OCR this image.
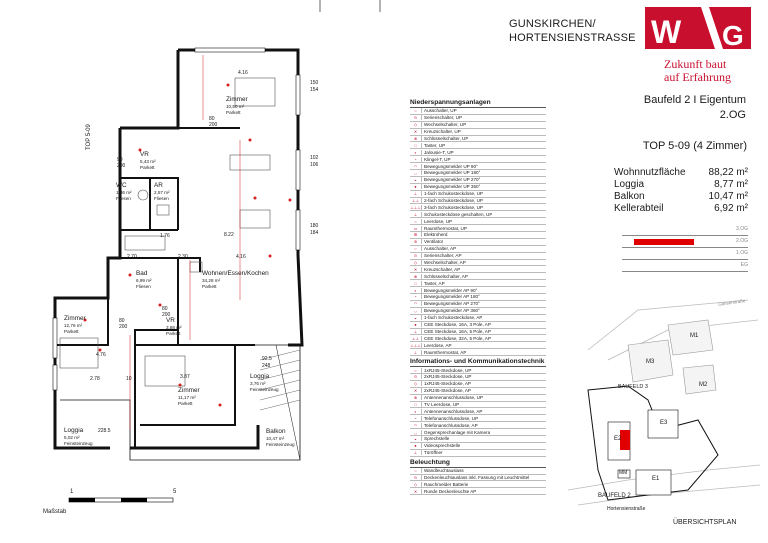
TOP 5-09
Zimmer
10,50 m²
Parkett
VR
5,43 m²
Parkett
WC
1,86 m²
Fliesen
AR
2,57 m²
Fliesen
Bad
6,99 m²
Fliesen
Wohnen/Essen/Kochen
34,28 m²
Parkett
Zimmer
12,76 m²
Parkett
VR
3,88 m²
Parkett
Zimmer
11,17 m²
Parkett
Loggia
3,76 m²
Feinsteinzeug
Loggia
5,02 m²
Feinsteinzeug
Balkon
10,47 m²
Feinsteinzeug
4.16
150
154
102
106
180
184
2.70	4.16
8.22
2.78	3.87
4.76
80
200
90
200
80
200
80
200
1.76
2.30
228.5
92.5
248
10
1	5
Maßstab
GUNSKIRCHEN/
HORTENSIENSTRASSE W G
Zukunft baut
auf Erfahrung
Baufeld 2 I Eigentum
2.OG
TOP 5-09 (4 Zimmer)
Wohnnutzfläche 88,22 m²
Loggia	8,77 m²
Balkon	10,47 m²
Kellerabteil	6,92 m²
3.OG
2.OG
1.OG
EG
Niederspannungsanlagen
○	Ausschalter, UP
⊙	Serienschalter, UP
◇	Wechselschalter, UP
✕	Kreuzschalter, UP
⊗	Schlüsselschalter, UP
□	Taster, UP
◐	Jalousie-T, UP
◔	Klingel-T, UP
◠	Bewegungsmelder UP 90°
◡	Bewegungsmelder UP 180°
◒	Bewegungsmelder UP 270°
●	Bewegungsmelder UP 360°
⊥	1-fach Schukosteckdose, UP
⊥⊥	2-fach Schukosteckdose, UP
⊥⊥⊥ 3-fach Schukosteckdose, UP
⊥	Schukosteckdose geschalten, UP
○	Leerdose, UP
▭	Raumthermostat, UP
⊞	Elektroherd
⊛	Ventilator
○	Ausschalter, AP
⊙	Serienschalter, AP
◇	Wechselschalter, AP
✕	Kreuzschalter, AP
⊗	Schlüsselschalter, AP
□	Taster, AP
◐	Bewegungsmelder AP 90°
◔	Bewegungsmelder AP 180°
◠	Bewegungsmelder AP 270°
◡	Bewegungsmelder AP 360°
◒	1-fach Schukosteckdose, AP
●	CEE Steckdose, 16A, 3 Pole, AP
⊥	CEE Steckdose, 16A, 5 Pole, AP
⊥⊥	CEE Steckdose, 32A, 5 Pole, AP
⊥⊥⊥ Leerdose, AP
⊥	Raumthermostat, AP
Informations- und Kommunikationstechnik
○	1xRJ45-Steckdose, UP
⊙	2xRJ45-Steckdose, UP
◇	1xRJ45-Steckdose, AP
✕	2xRJ45-Steckdose, AP
⊗	Antennenanschlussdose, UP
□	TV Leerdose, UP
◐	Antennenanschlussdose, AP
◔	Telefonanschlussdose, UP
◠	Telefonanschlussdose, AP
◡	Gegensprechanlage mit Kamera
◒	Sprechstelle
●	Videosprechstelle
⊥	Türöffner
Beleuchtung
○	Wandleuchtauslass
⊙	Deckenleuchtauslass inkl. Fassung mit Leuchtmittel
◇	Rauchmelder Batterie
✕	Runde Deckenleuchte AP
M1
M3
M2
E3
E2
E1
MM
BAUFELD 3
BAUFELD 2
Hortensienstraße
Gänserstraße
ÜBERSICHTSPLAN
